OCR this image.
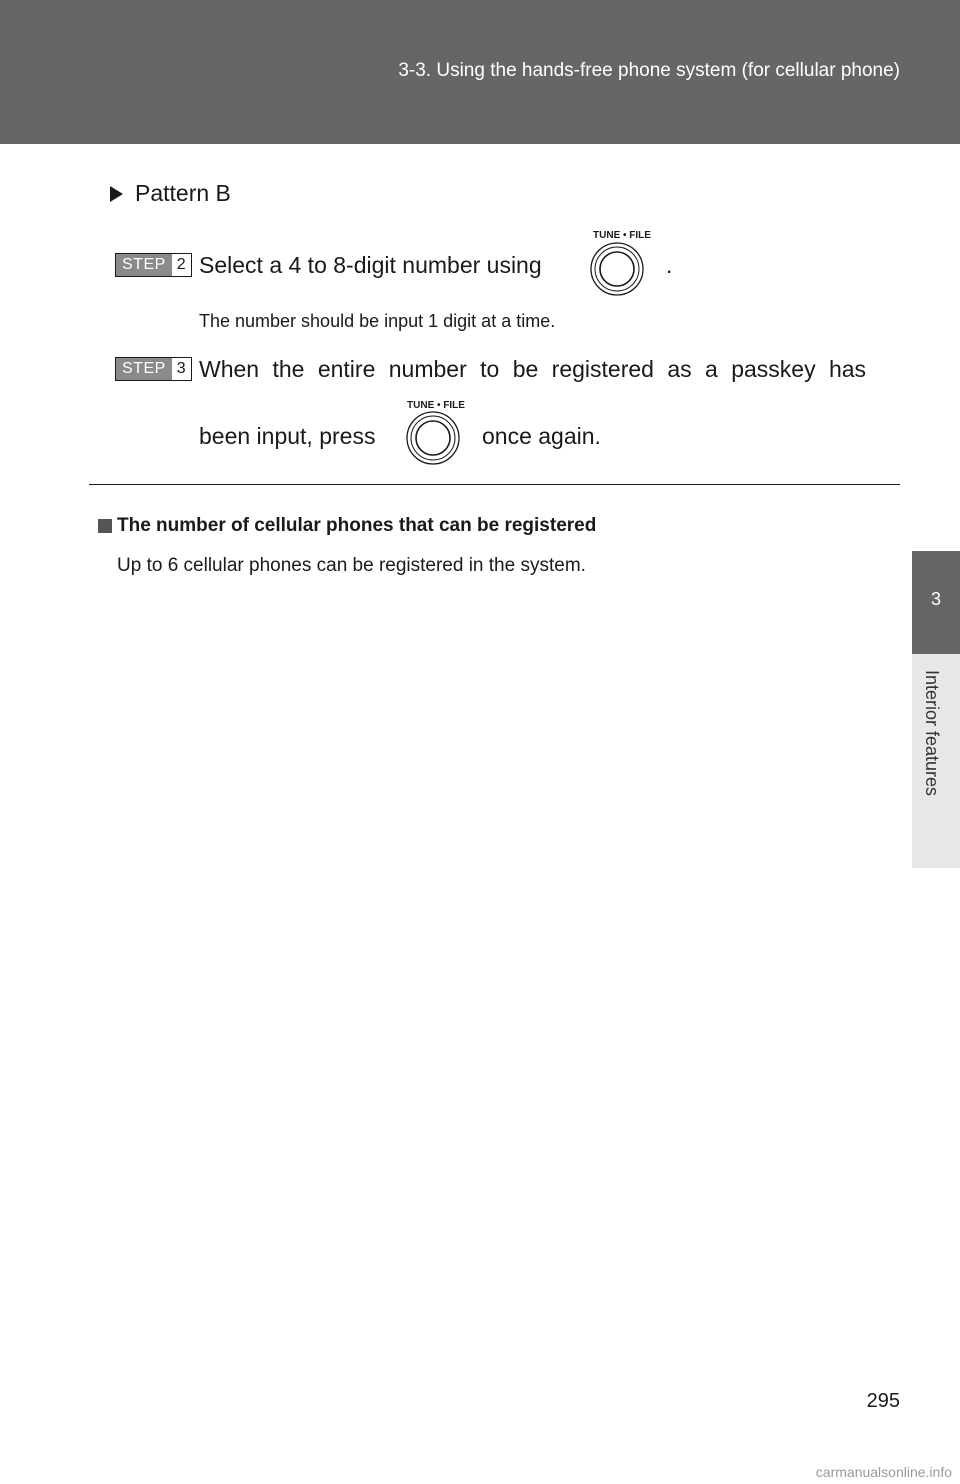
3-3. Using the hands-free phone system (for cellular phone)
3
Interior features
Pattern B
STEP 2 Select a 4 to 8-digit number using
TUNE • FILE
.
The number should be input 1 digit at a time.
STEP 3 When the entire number to be registered as a passkey has
been input, press
TUNE • FILE
once again.
The number of cellular phones that can be registered
Up to 6 cellular phones can be registered in the system.
295
carmanualsonline.info
